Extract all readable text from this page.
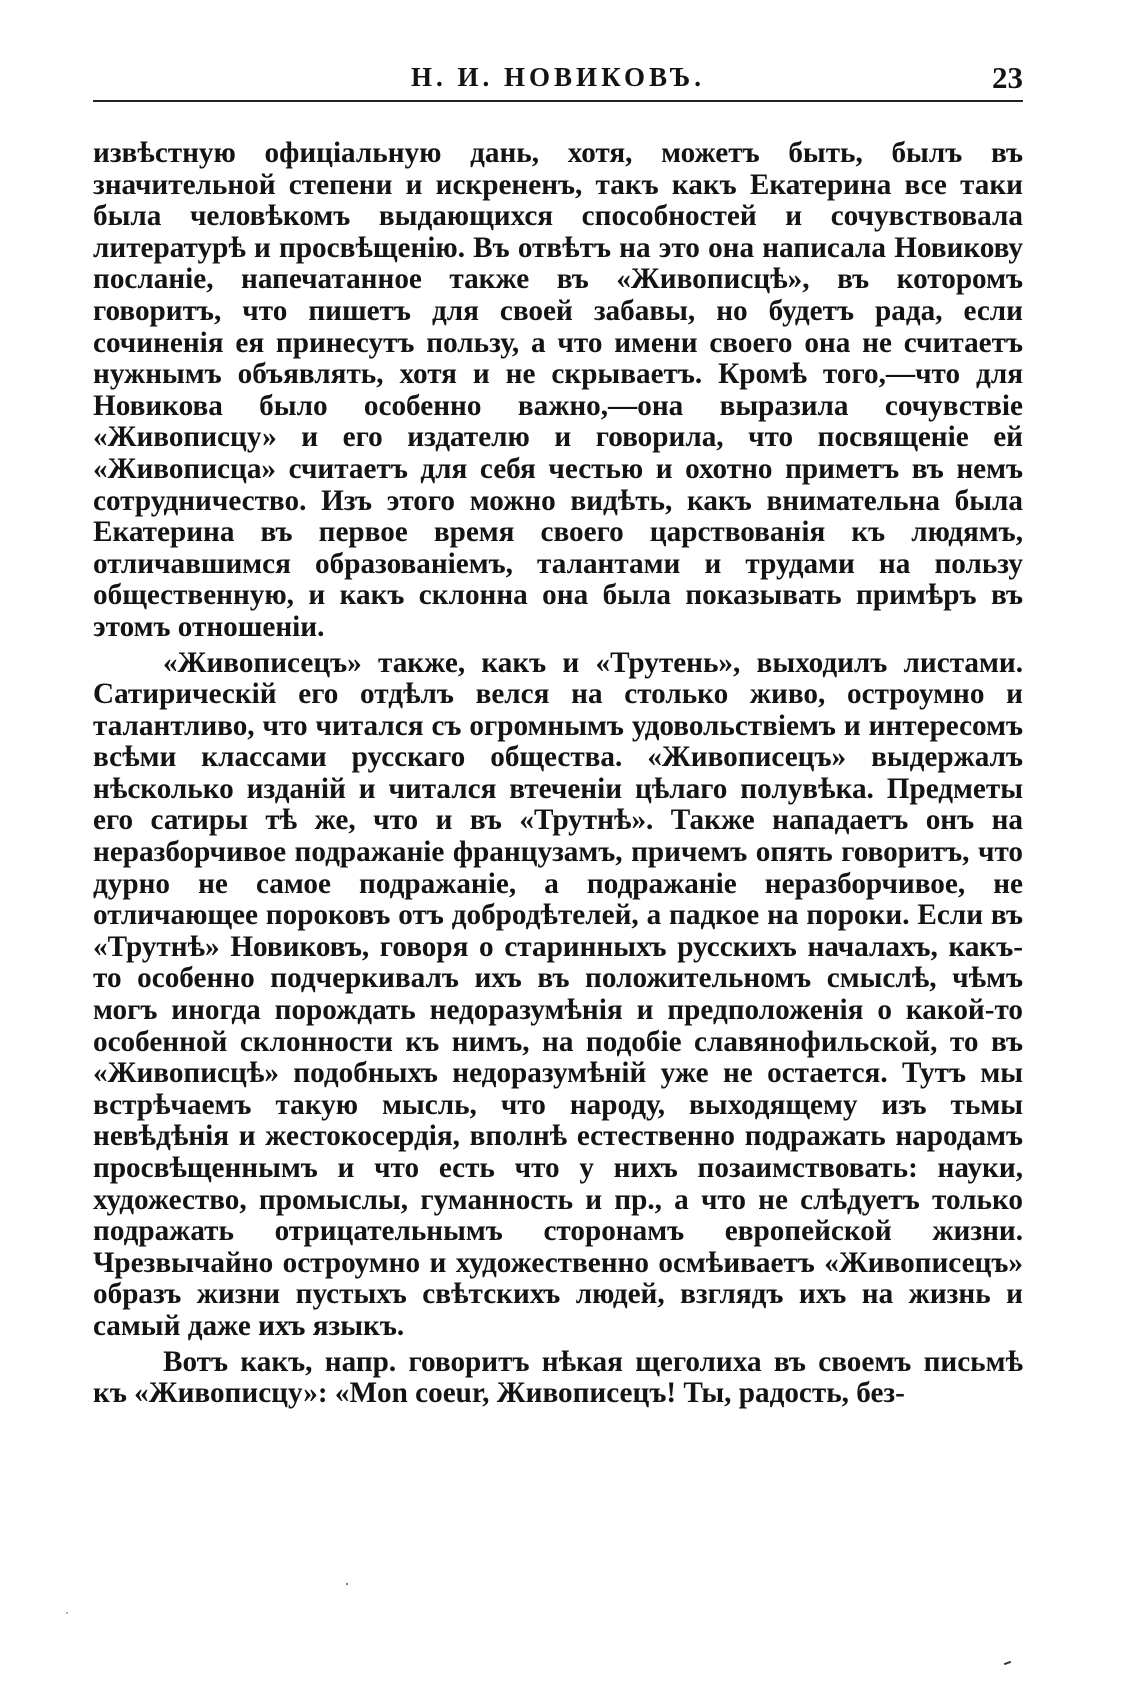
Н. И. НОВИКОВЪ.	23

извѣстную офиціальную дань, хотя, можетъ быть, былъ въ значительной степени и искрененъ, такъ какъ Екатерина все таки была человѣкомъ выдающихся способностей и сочувствовала литературѣ и просвѣщенію. Въ отвѣтъ на это она написала Новикову посланіе, напечатанное также въ «Живописцѣ», въ которомъ говоритъ, что пишетъ для своей забавы, но будетъ рада, если сочиненія ея принесутъ пользу, а что имени своего она не считаетъ нужнымъ объявлять, хотя и не скрываетъ. Кромѣ того,—что для Новикова было особенно важно,—она выразила сочувствіе «Живописцу» и его издателю и говорила, что посвященіе ей «Живописца» считаетъ для себя честью и охотно приметъ въ немъ сотрудничество. Изъ этого можно видѣть, какъ внимательна была Екатерина въ первое время своего царствованія къ людямъ, отличавшимся образованіемъ, талантами и трудами на пользу общественную, и какъ склонна она была показывать примѣръ въ этомъ отношеніи.

«Живописецъ» также, какъ и «Трутень», выходилъ листами. Сатирическій его отдѣлъ велся на столько живо, остроумно и талантливо, что читался съ огромнымъ удовольствіемъ и интересомъ всѣми классами русскаго общества. «Живописецъ» выдержалъ нѣсколько изданій и читался втеченіи цѣлаго полувѣка. Предметы его сатиры тѣ же, что и въ «Трутнѣ». Также нападаетъ онъ на неразборчивое подражаніе французамъ, причемъ опять говоритъ, что дурно не самое подражаніе, а подражаніе неразборчивое, не отличающее пороковъ отъ добродѣтелей, а падкое на пороки. Если въ «Трутнѣ» Новиковъ, говоря о старинныхъ русскихъ началахъ, какъ-то особенно подчеркивалъ ихъ въ положительномъ смыслѣ, чѣмъ могъ иногда порождать недоразумѣнія и предположенія о какой-то особенной склонности къ нимъ, на подобіе славянофильской, то въ «Живописцѣ» подобныхъ недоразумѣній уже не остается. Тутъ мы встрѣчаемъ такую мысль, что народу, выходящему изъ тьмы невѣдѣнія и жестокосердія, вполнѣ естественно подражать народамъ просвѣщеннымъ и что есть что у нихъ позаимствовать: науки, художество, промыслы, гуманность и пр., а что не слѣдуетъ только подражать отрицательнымъ сторонамъ европейской жизни. Чрезвычайно остроумно и художественно осмѣиваетъ «Живописецъ» образъ жизни пустыхъ свѣтскихъ людей, взглядъ ихъ на жизнь и самый даже ихъ языкъ.

Вотъ какъ, напр. говоритъ нѣкая щеголиха въ своемъ письмѣ къ «Живописцу»: «Mon coeur, Живописецъ! Ты, радость, без-
